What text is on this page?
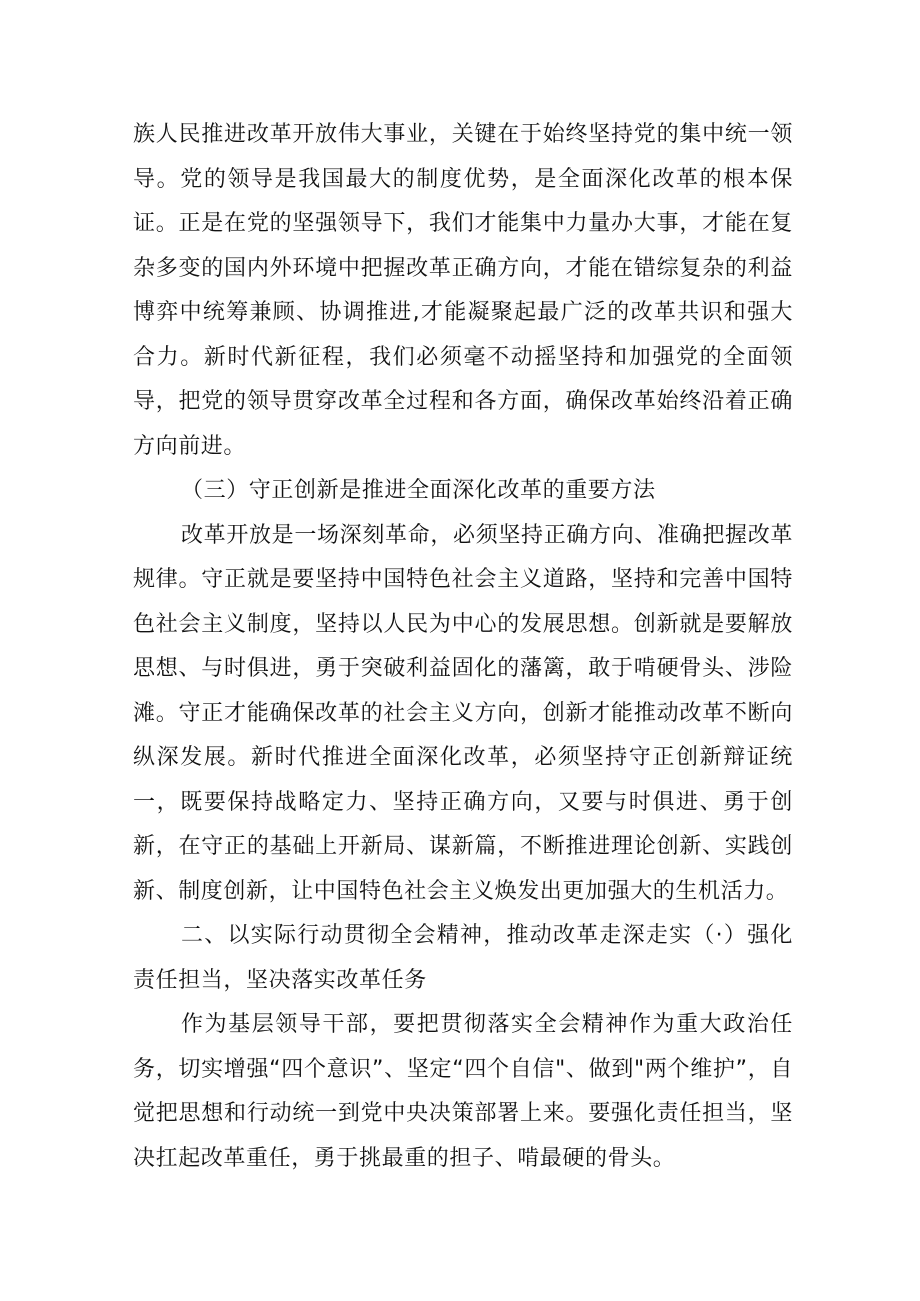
族人民推进改革开放伟大事业，关键在于始终坚持党的集中统一领导。党的领导是我国最大的制度优势，是全面深化改革的根本保证。正是在党的坚强领导下，我们才能集中力量办大事，才能在复杂多变的国内外环境中把握改革正确方向，才能在错综复杂的利益博弈中统筹兼顾、协调推进,才能凝聚起最广泛的改革共识和强大合力。新时代新征程，我们必须毫不动摇坚持和加强党的全面领导，把党的领导贯穿改革全过程和各方面，确保改革始终沿着正确方向前进。

（三）守正创新是推进全面深化改革的重要方法

改革开放是一场深刻革命，必须坚持正确方向、准确把握改革规律。守正就是要坚持中国特色社会主义道路，坚持和完善中国特色社会主义制度，坚持以人民为中心的发展思想。创新就是要解放思想、与时俱进，勇于突破利益固化的藩篱，敢于啃硬骨头、涉险滩。守正才能确保改革的社会主义方向，创新才能推动改革不断向纵深发展。新时代推进全面深化改革，必须坚持守正创新辩证统一，既要保持战略定力、坚持正确方向，又要与时俱进、勇于创新，在守正的基础上开新局、谋新篇，不断推进理论创新、实践创新、制度创新，让中国特色社会主义焕发出更加强大的生机活力。

二、以实际行动贯彻全会精神，推动改革走深走实（·）强化责任担当，坚决落实改革任务

作为基层领导干部，要把贯彻落实全会精神作为重大政治任务，切实增强“四个意识”、坚定“四个自信"、做到"两个维护”，自觉把思想和行动统一到党中央决策部署上来。要强化责任担当，坚决扛起改革重任，勇于挑最重的担子、啃最硬的骨头。
